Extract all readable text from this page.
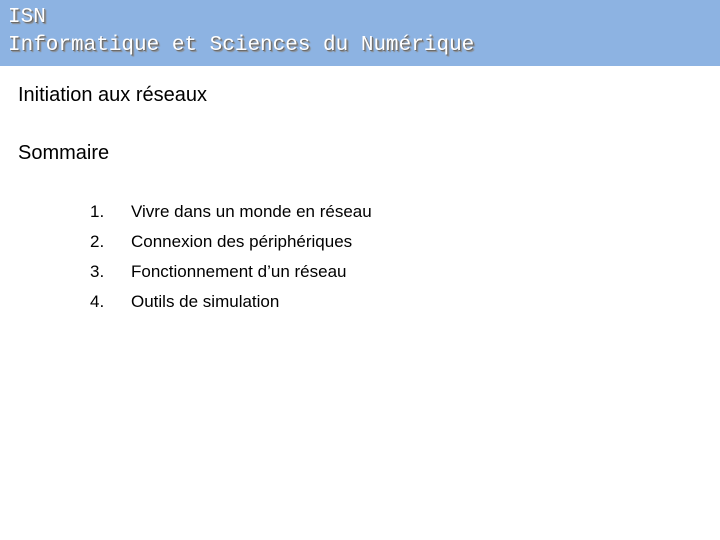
ISN
Informatique et Sciences du Numérique
Initiation aux réseaux
Sommaire
1. Vivre dans un monde en réseau
2. Connexion des périphériques
3. Fonctionnement d’un réseau
4. Outils de simulation
